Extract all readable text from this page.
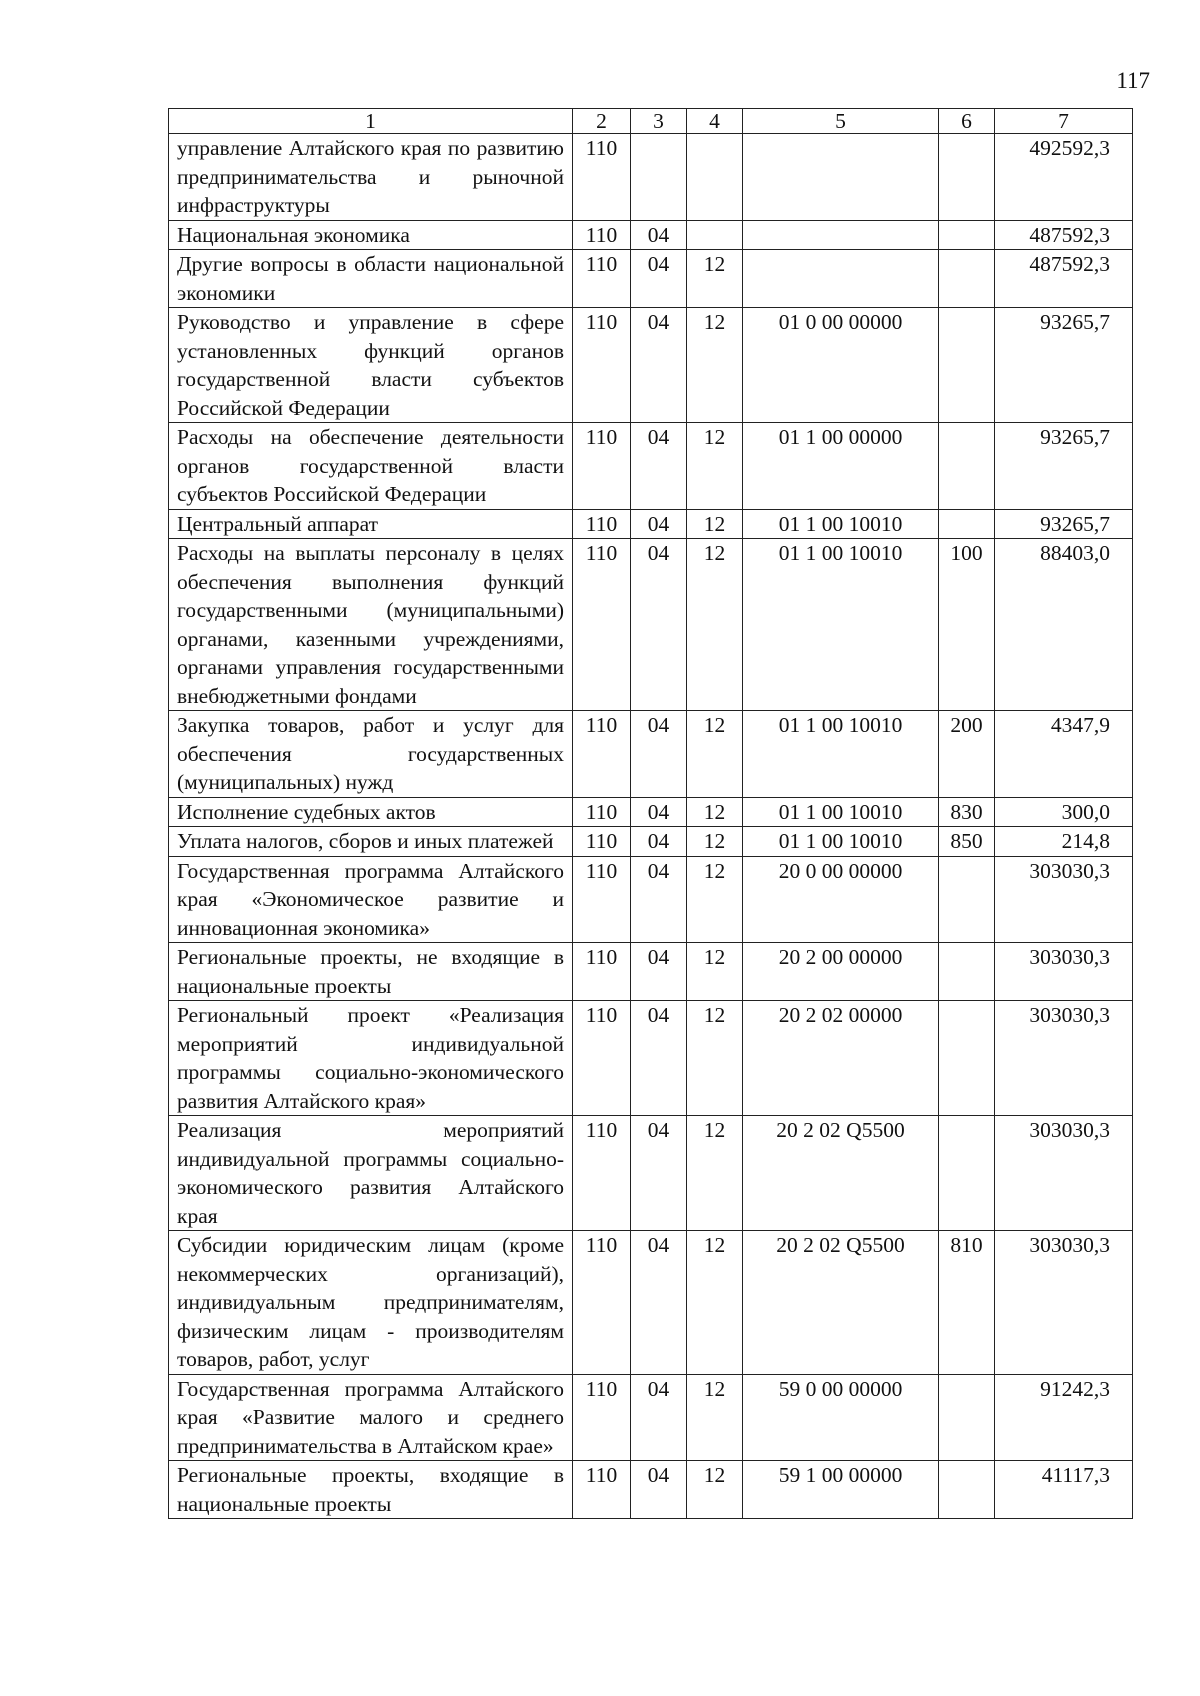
117
1	2	3	4	5	6	7
управление Алтайского края по развитию предпринимательства и рыночной инфраструктуры	110					492592,3
Национальная экономика	110	04				487592,3
Другие вопросы в области национальной экономики	110	04	12			487592,3
Руководство и управление в сфере установленных функций органов государственной власти субъектов Российской Федерации	110	04	12	01 0 00 00000		93265,7
Расходы на обеспечение деятельности органов государственной власти субъектов Российской Федерации	110	04	12	01 1 00 00000		93265,7
Центральный аппарат	110	04	12	01 1 00 10010		93265,7
Расходы на выплаты персоналу в целях обеспечения выполнения функций государственными (муниципальными) органами, казенными учреждениями, органами управления государственными внебюджетными фондами	110	04	12	01 1 00 10010	100	88403,0
Закупка товаров, работ и услуг для обеспечения государственных (муниципальных) нужд	110	04	12	01 1 00 10010	200	4347,9
Исполнение судебных актов	110	04	12	01 1 00 10010	830	300,0
Уплата налогов, сборов и иных платежей	110	04	12	01 1 00 10010	850	214,8
Государственная программа Алтайского края «Экономическое развитие и инновационная экономика»	110	04	12	20 0 00 00000		303030,3
Региональные проекты, не входящие в национальные проекты	110	04	12	20 2 00 00000		303030,3
Региональный проект «Реализация мероприятий индивидуальной программы социально-экономического развития Алтайского края»	110	04	12	20 2 02 00000		303030,3
Реализация мероприятий индивидуальной программы социально-экономического развития Алтайского края	110	04	12	20 2 02 Q5500		303030,3
Субсидии юридическим лицам (кроме некоммерческих организаций), индивидуальным предпринимателям, физическим лицам - производителям товаров, работ, услуг	110	04	12	20 2 02 Q5500	810	303030,3
Государственная программа Алтайского края «Развитие малого и среднего предпринимательства в Алтайском крае»	110	04	12	59 0 00 00000		91242,3
Региональные проекты, входящие в национальные проекты	110	04	12	59 1 00 00000		41117,3
